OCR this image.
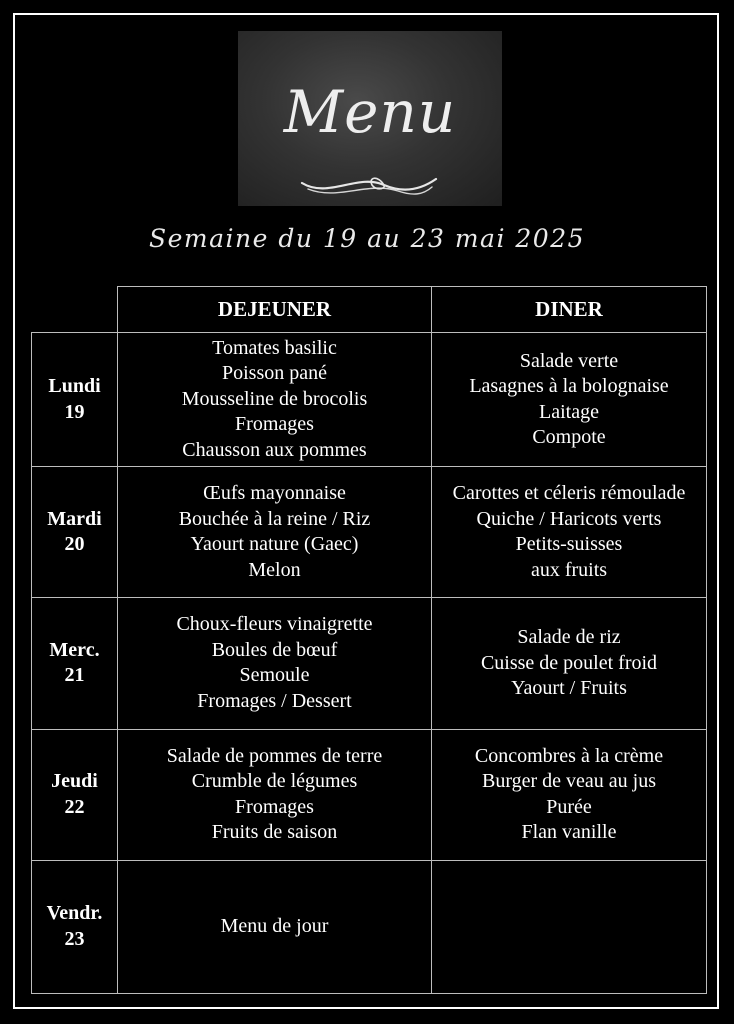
Menu
Semaine du 19 au 23 mai 2025
	DEJEUNER	DINER

Lundi
19	Tomates basilic
Poisson pané
Mousseline de brocolis
Fromages
Chausson aux pommes	Salade verte
Lasagnes à la bolognaise
Laitage
Compote

Mardi
20	Œufs mayonnaise
Bouchée à la reine / Riz
Yaourt nature (Gaec)
Melon	Carottes et céleris rémoulade
Quiche / Haricots verts
Petits-suisses
aux fruits

Merc.
21	Choux-fleurs vinaigrette
Boules de bœuf
Semoule
Fromages / Dessert	Salade de riz
Cuisse de poulet froid
Yaourt / Fruits

Jeudi
22	Salade de pommes de terre
Crumble de légumes
Fromages
Fruits de saison	Concombres à la crème
Burger de veau au jus
Purée
Flan vanille

Vendr.
23	Menu de jour	
